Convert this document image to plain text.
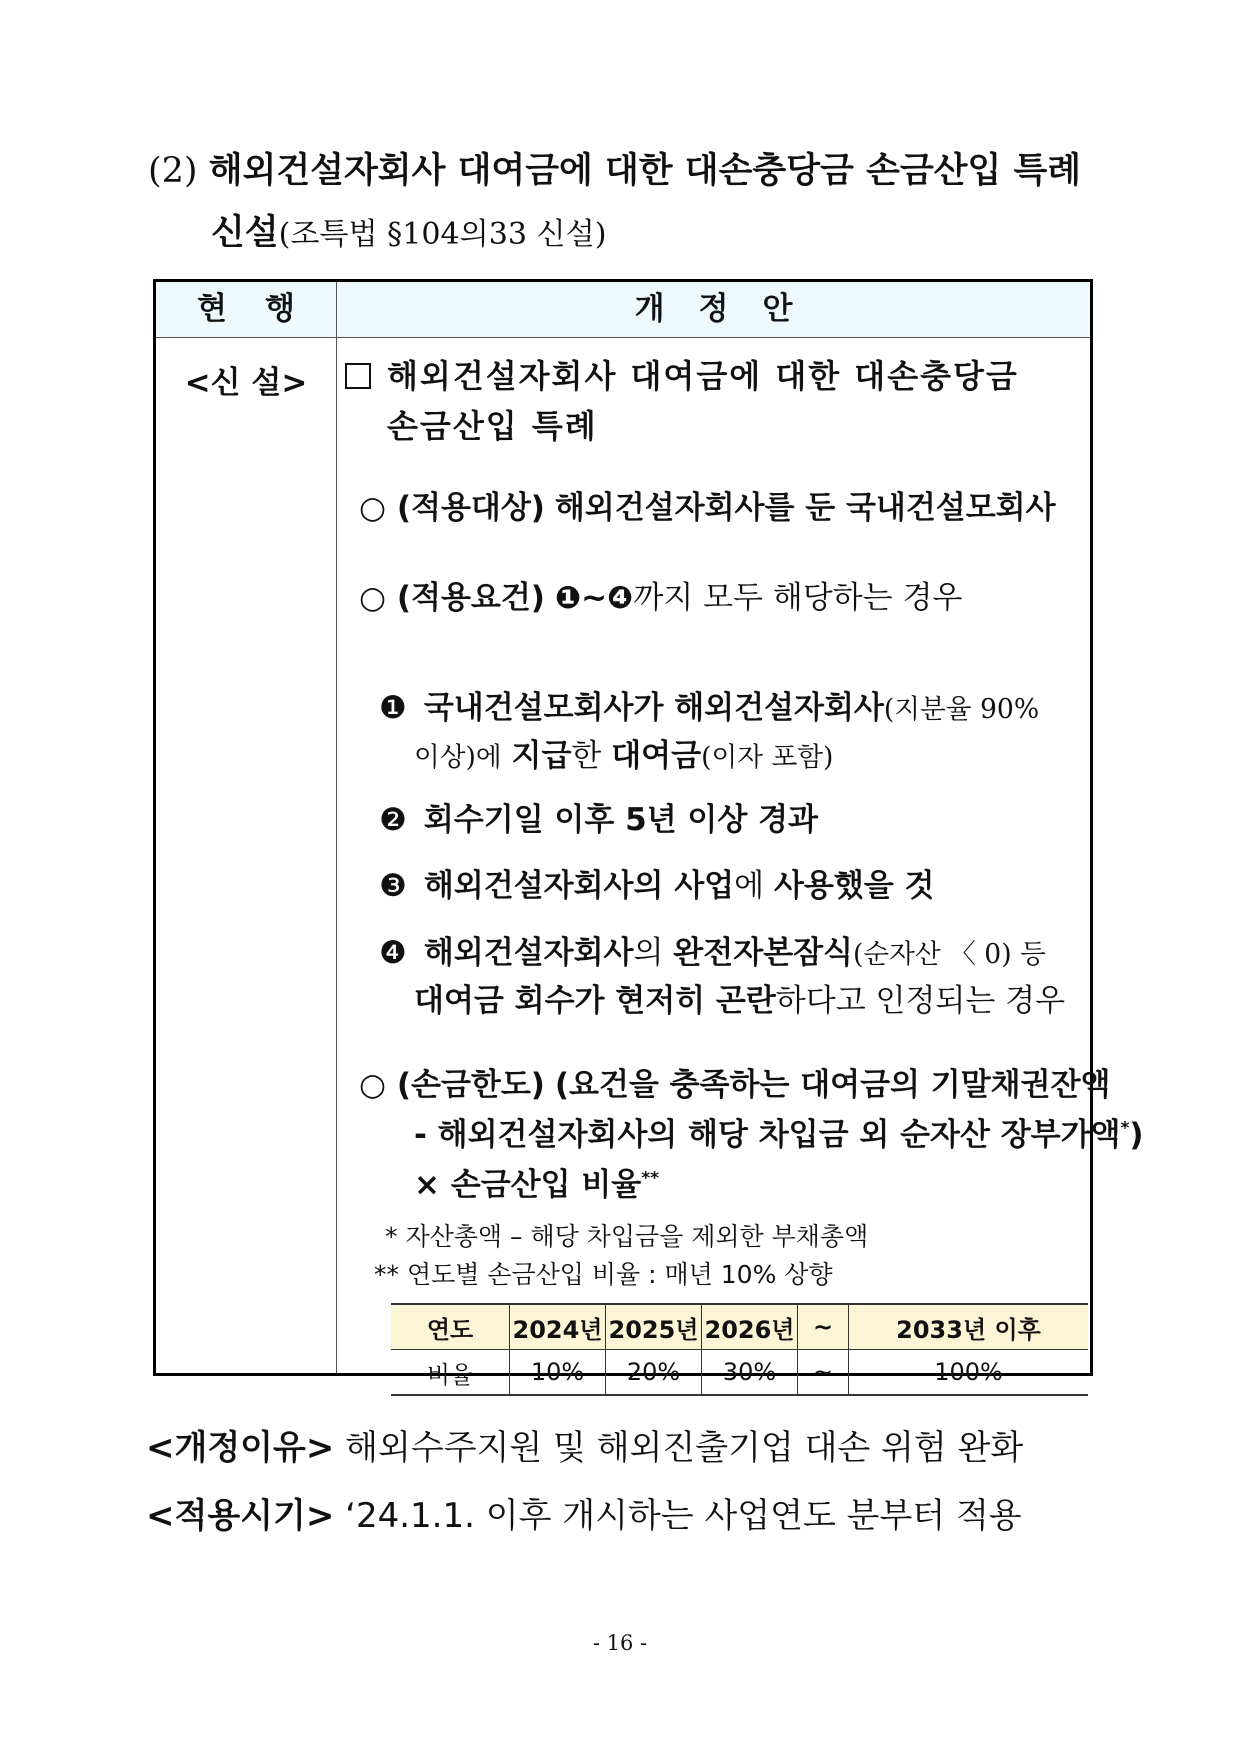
(2) 해외건설자회사 대여금에 대한 대손충당금 손금산입 특례
신설(조특법 §104의33 신설)
현행	개정안
<신 설>	해외건설자회사 대여금에 대한 대손충당금
손금산입 특례
○ (적용대상) 해외건설자회사를 둔 국내건설모회사
○ (적용요건) ❶~❹까지 모두 해당하는 경우
❶ 국내건설모회사가 해외건설자회사(지분율 90%
이상)에 지급한 대여금(이자 포함)
❷ 회수기일 이후 5년 이상 경과
❸ 해외건설자회사의 사업에 사용했을 것
❹ 해외건설자회사의 완전자본잠식(순자산 〈 0) 등
대여금 회수가 현저히 곤란하다고 인정되는 경우
○ (손금한도) (요건을 충족하는 대여금의 기말채권잔액
- 해외건설자회사의 해당 차입금 외 순자산 장부가액*)
× 손금산입 비율**
* 자산총액 – 해당 차입금을 제외한 부채총액
** 연도별 손금산입 비율 : 매년 10% 상향
연도	2024년	2025년	2026년	~	2033년 이후
비율	10%	20%	30%	~	100%
<개정이유> 해외수주지원 및 해외진출기업 대손 위험 완화
<적용시기> ‘24.1.1. 이후 개시하는 사업연도 분부터 적용
- 16 -
